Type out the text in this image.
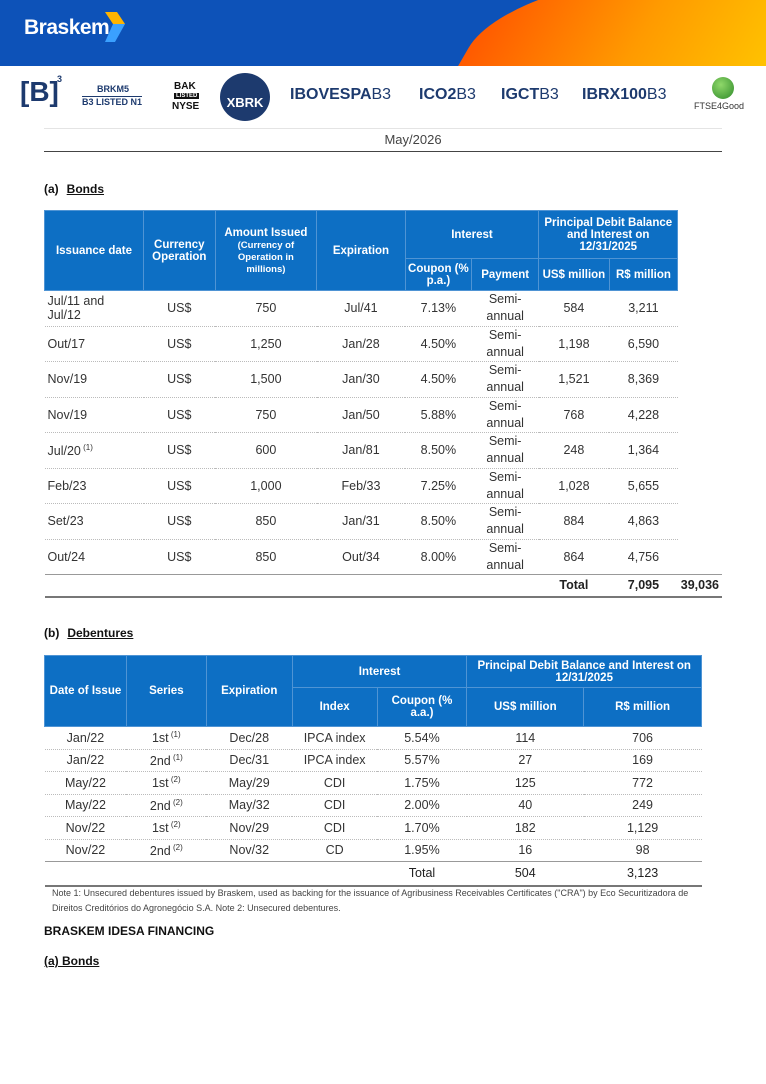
Braskem
[B]
3
BRKM5
B3 LISTED N1
BAK
LISTED
NYSE	XBRK	IBOVESPAB3 ICO2B3 IGCTB3 IBRX100B3
FTSE4Good
May/2026
(a) Bonds
Issuance date	Currency Operation	Amount Issued
(Currency of Operation in millions)	Expiration	Interest		Principal Debit Balance and Interest on 12/31/2025		
				Coupon (% p.a.)	Payment	US$ million	R$ million	
Jul/11 and Jul/12	US$	750	Jul/41	7.13%	Semi-annual	584	3,211	
Out/17	US$	1,250	Jan/28	4.50%	Semi-annual	1,198	6,590	
Nov/19	US$	1,500	Jan/30	4.50%	Semi-annual	1,521	8,369	
Nov/19	US$	750	Jan/50	5.88%	Semi-annual	768	4,228	
Jul/20 $^{(1)}$	US$	600	Jan/81	8.50%	Semi-annual	248	1,364	
Feb/23	US$	1,000	Feb/33	7.25%	Semi-annual	1,028	5,655	
Set/23	US$	850	Jan/31	8.50%	Semi-annual	884	4,863	
Out/24	US$	850	Out/34	8.00%	Semi-annual	864	4,756	
						Total	7,095	39,036
(b) Debentures
Date of Issue	Series	Expiration	Interest		Principal Debit Balance and Interest on 12/31/2025	
			Index	Coupon (% a.a.)	US$ million	R$ million
Jan/22	1st $^{(1)}$	Dec/28	IPCA index	5.54%	114	706
Jan/22	2nd $^{(1)}$	Dec/31	IPCA index	5.57%	27	169
May/22	1st $^{(2)}$	May/29	CDI	1.75%	125	772
May/22	2nd $^{(2)}$	May/32	CDI	2.00%	40	249
Nov/22	1st $^{(2)}$	Nov/29	CDI	1.70%	182	1,129
Nov/22	2nd $^{(2)}$	Nov/32	CD	1.95%	16	98
				Total	504	3,123
Note 1: Unsecured debentures issued by Braskem, used as backing for the issuance of Agribusiness Receivables Certificates ("CRA") by Eco Securitizadora de Direitos Creditórios do Agronegócio S.A. Note 2: Unsecured debentures.
BRASKEM IDESA FINANCING
(a) Bonds
